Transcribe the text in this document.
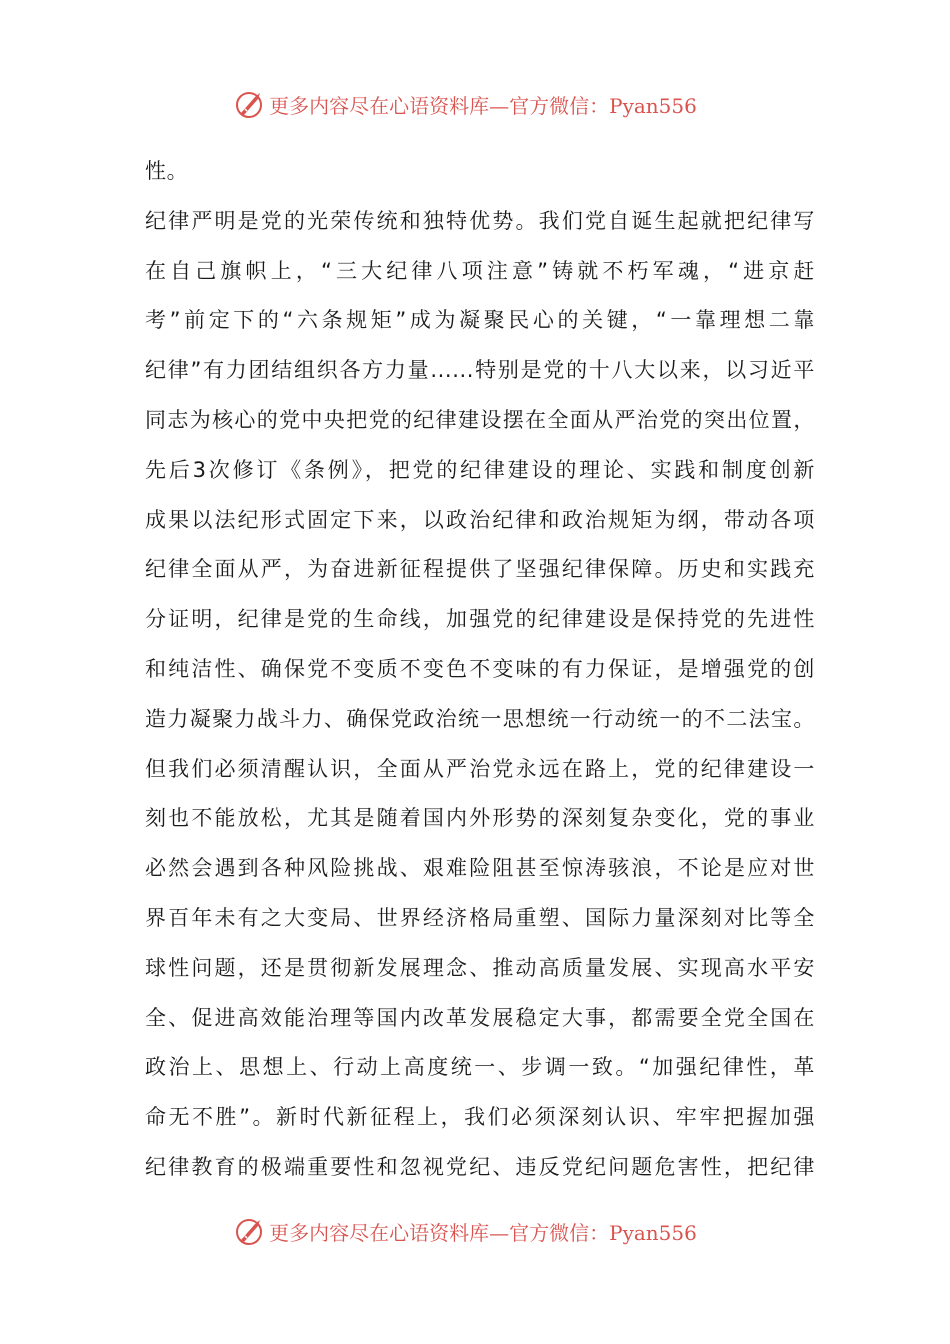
更多内容尽在心语资料库—官方微信：Pyan556
性。
纪律严明是党的光荣传统和独特优势。我们党自诞生起就把纪律写
在自己旗帜上，“三大纪律八项注意”铸就不朽军魂，“进京赶
考”前定下的“六条规矩”成为凝聚民心的关键，“一靠理想二靠
纪律”有力团结组织各方力量......特别是党的十八大以来，以习近平
同志为核心的党中央把党的纪律建设摆在全面从严治党的突出位置，
先后3次修订《条例》，把党的纪律建设的理论、实践和制度创新
成果以法纪形式固定下来，以政治纪律和政治规矩为纲，带动各项
纪律全面从严，为奋进新征程提供了坚强纪律保障。历史和实践充
分证明，纪律是党的生命线，加强党的纪律建设是保持党的先进性
和纯洁性、确保党不变质不变色不变味的有力保证，是增强党的创
造力凝聚力战斗力、确保党政治统一思想统一行动统一的不二法宝。
但我们必须清醒认识，全面从严治党永远在路上，党的纪律建设一
刻也不能放松，尤其是随着国内外形势的深刻复杂变化，党的事业
必然会遇到各种风险挑战、艰难险阻甚至惊涛骇浪，不论是应对世
界百年未有之大变局、世界经济格局重塑、国际力量深刻对比等全
球性问题，还是贯彻新发展理念、推动高质量发展、实现高水平安
全、促进高效能治理等国内改革发展稳定大事，都需要全党全国在
政治上、思想上、行动上高度统一、步调一致。“加强纪律性，革
命无不胜”。新时代新征程上，我们必须深刻认识、牢牢把握加强
纪律教育的极端重要性和忽视党纪、违反党纪问题危害性，把纪律
更多内容尽在心语资料库—官方微信：Pyan556
